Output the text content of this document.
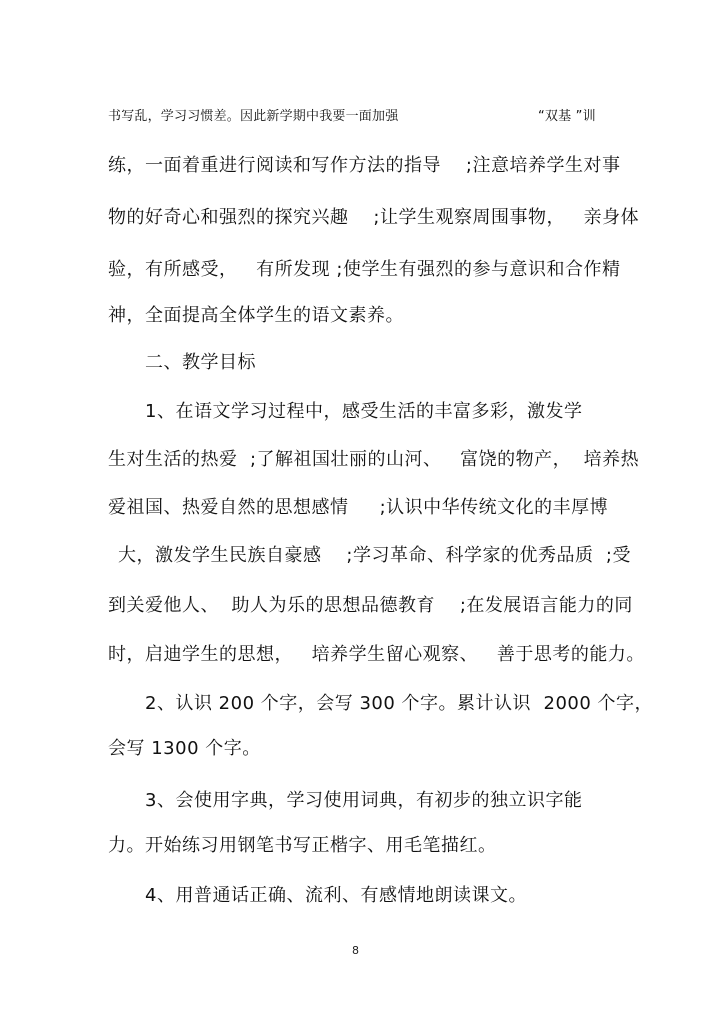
书写乱，学习习惯差。因此新学期中我要一面加强	“双基 ”训
练，一面着重进行阅读和写作方法的指导    ;注意培养学生对事
物的好奇心和强烈的探究兴趣    ;让学生观察周围事物，   亲身体
验，有所感受，   有所发现 ;使学生有强烈的参与意识和合作精
神，全面提高全体学生的语文素养。
二、教学目标
1、在语文学习过程中，感受生活的丰富多彩，激发学
生对生活的热爱  ;了解祖国壮丽的山河、   富饶的物产，  培养热
爱祖国、热爱自然的思想感情     ;认识中华传统文化的丰厚博
大，激发学生民族自豪感    ;学习革命、科学家的优秀品质  ;受
到关爱他人、  助人为乐的思想品德教育    ;在发展语言能力的同
时，启迪学生的思想，   培养学生留心观察、   善于思考的能力。
2、认识 200 个字，会写 300 个字。累计认识  2000 个字，
会写 1300 个字。
3、会使用字典，学习使用词典，有初步的独立识字能
力。开始练习用钢笔书写正楷字、用毛笔描红。
4、用普通话正确、流利、有感情地朗读课文。
8
